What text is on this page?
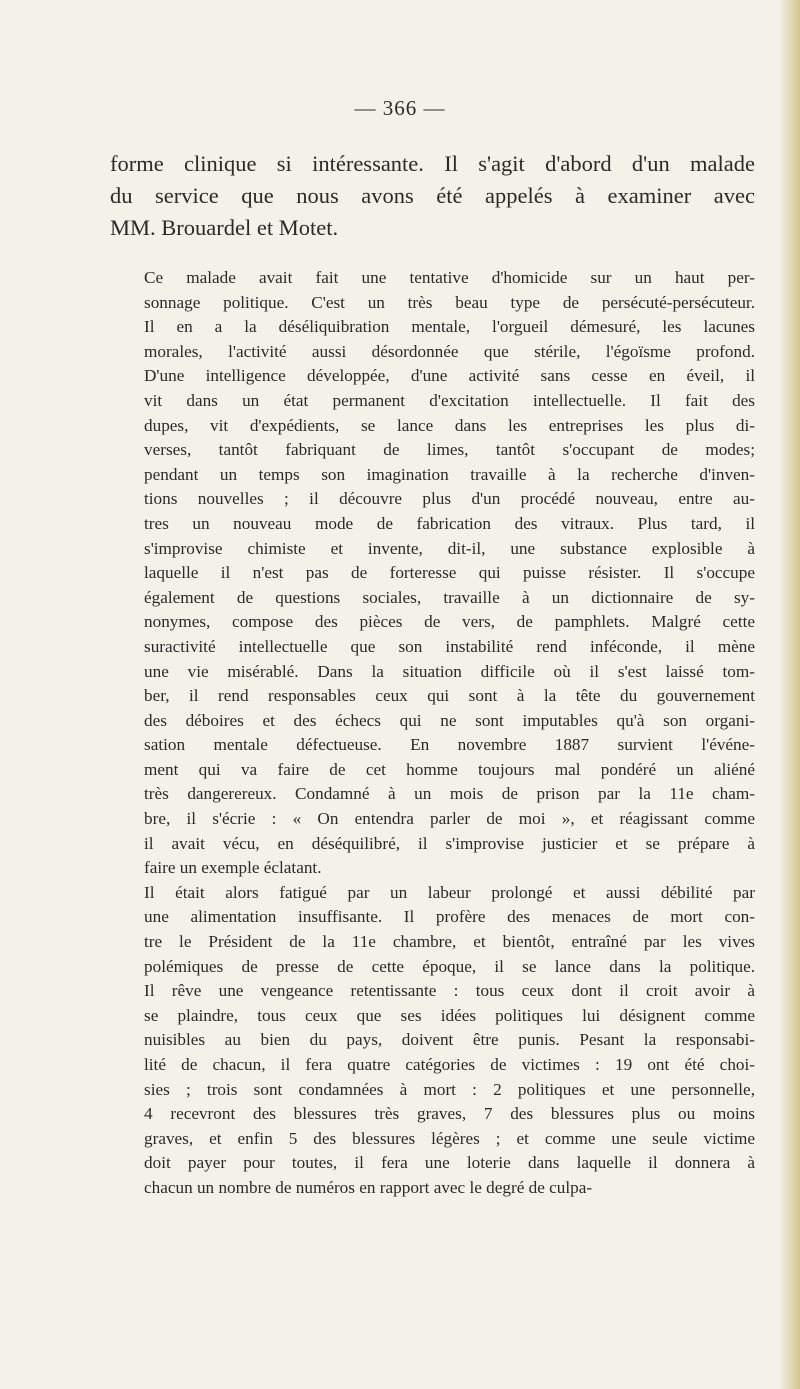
— 366 —
forme clinique si intéressante. Il s'agit d'abord d'un malade
du service que nous avons été appelés à examiner avec
MM. Brouardel et Motet.

Ce malade avait fait une tentative d'homicide sur un haut per-
sonnage politique. C'est un très beau type de persécuté-persécuteur.
Il en a la déséliquibration mentale, l'orgueil démesuré, les lacunes
morales, l'activité aussi désordonnée que stérile, l'égoïsme profond.
D'une intelligence développée, d'une activité sans cesse en éveil, il
vit dans un état permanent d'excitation intellectuelle. Il fait des
dupes, vit d'expédients, se lance dans les entreprises les plus di-
verses, tantôt fabriquant de limes, tantôt s'occupant de modes;
pendant un temps son imagination travaille à la recherche d'inven-
tions nouvelles ; il découvre plus d'un procédé nouveau, entre au-
tres un nouveau mode de fabrication des vitraux. Plus tard, il
s'improvise chimiste et invente, dit-il, une substance explosible à
laquelle il n'est pas de forteresse qui puisse résister. Il s'occupe
également de questions sociales, travaille à un dictionnaire de sy-
nonymes, compose des pièces de vers, de pamphlets. Malgré cette
suractivité intellectuelle que son instabilité rend inféconde, il mène
une vie misérablé. Dans la situation difficile où il s'est laissé tom-
ber, il rend responsables ceux qui sont à la tête du gouvernement
des déboires et des échecs qui ne sont imputables qu'à son organi-
sation mentale défectueuse. En novembre 1887 survient l'événe-
ment qui va faire de cet homme toujours mal pondéré un aliéné
très dangerereux. Condamné à un mois de prison par la 11e cham-
bre, il s'écrie : « On entendra parler de moi », et réagissant comme
il avait vécu, en déséquilibré, il s'improvise justicier et se prépare à
faire un exemple éclatant.

Il était alors fatigué par un labeur prolongé et aussi débilité par
une alimentation insuffisante. Il profère des menaces de mort con-
tre le Président de la 11e chambre, et bientôt, entraîné par les vives
polémiques de presse de cette époque, il se lance dans la politique.
Il rêve une vengeance retentissante : tous ceux dont il croit avoir à
se plaindre, tous ceux que ses idées politiques lui désignent comme
nuisibles au bien du pays, doivent être punis. Pesant la responsabi-
lité de chacun, il fera quatre catégories de victimes : 19 ont été choi-
sies ; trois sont condamnées à mort : 2 politiques et une personnelle,
4 recevront des blessures très graves, 7 des blessures plus ou moins
graves, et enfin 5 des blessures légères ; et comme une seule victime
doit payer pour toutes, il fera une loterie dans laquelle il donnera à
chacun un nombre de numéros en rapport avec le degré de culpa-
